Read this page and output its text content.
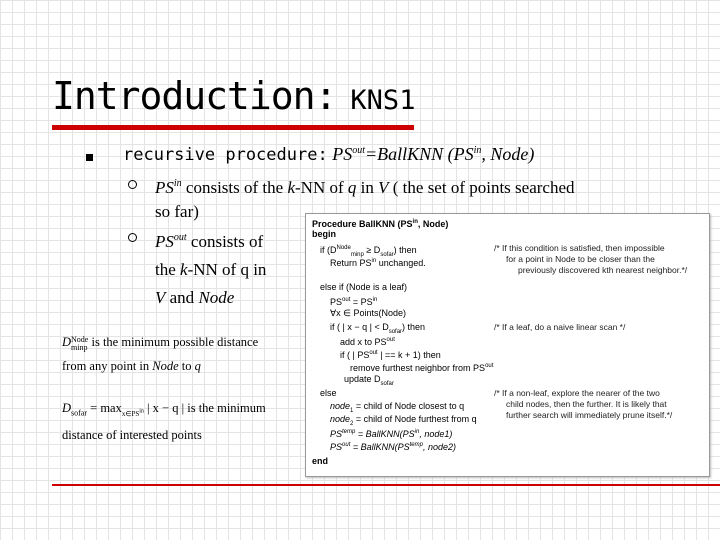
Introduction: KNS1
recursive procedure: $PS^{out}=BallKNN$ ($PS^{in}$, Node)
$PS^{in}$ consists of the k-NN of q in V ( the set of points searched
so far)
$PS^{out}$ consists of
the k-NN of q in
V and Node
D Node
minp is the minimum possible distance
from any point in Node to q
$D_{sofar} = \max_{x\in PS^{in}}$ | x − q | is the minimum
distance of interested points
Procedure BallKNN ($PS^{in}$, Node)
begin
if $(D^{Node}_{minp} \ge D_{sofar})$ then
Return $PS^{in}$ unchanged.
else if (Node is a leaf)
$PS^{out} = PS^{in}$
∀x ∈ Points(Node)
if ( | x − q | < $D_{sofar}$) then
add x to $PS^{out}$
if ( | $PS^{out}$ | == k + 1) then
remove furthest neighbor from $PS^{out}$
update $D_{sofar}$
else
node$_1$ = child of Node closest to q
node$_2$ = child of Node furthest from q
$PS^{temp}$ = $BallKNN(PS^{in}$, node1)
$PS^{out}$ = $BallKNN(PS^{temp}$, node2)
end
/* If this condition is satisfied, then impossible
for a point in Node to be closer than the
previously discovered kth nearest neighbor.*/
/* If a leaf, do a naive linear scan */
/* If a non-leaf, explore the nearer of the two
child nodes, then the further. It is likely that
further search will immediately prune itself.*/
